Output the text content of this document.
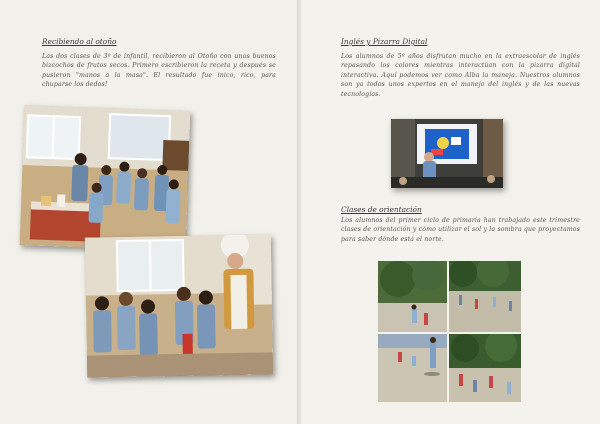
Recibiendo al otoño
Las dos clases de 3º de infantil, recibieron al Otoño con unos buenos bizcochos de frutos secos. Primero escribieron la receta y después se pusieron "manos a la masa". El resultado fue inico, rico, para chuparse los dedos!
Inglés y Pizarra Digital
Los alumnos de 5º años disfrutan mucho en la extraescolar de inglés repasando los colores mientras interactúan con la pizarra digital interactiva. Aquí podemos ver como Alba la maneja. Nuestros alumnos son ya todos unos expertos en el manejo del inglés y de las nuevas tecnologías.
Clases de orientación
Los alumnos del primer ciclo de primaria han trabajado este trimestre clases de orientación y cómo utilizar el sol y la sombra que proyectamos para saber dónde está el norte.
